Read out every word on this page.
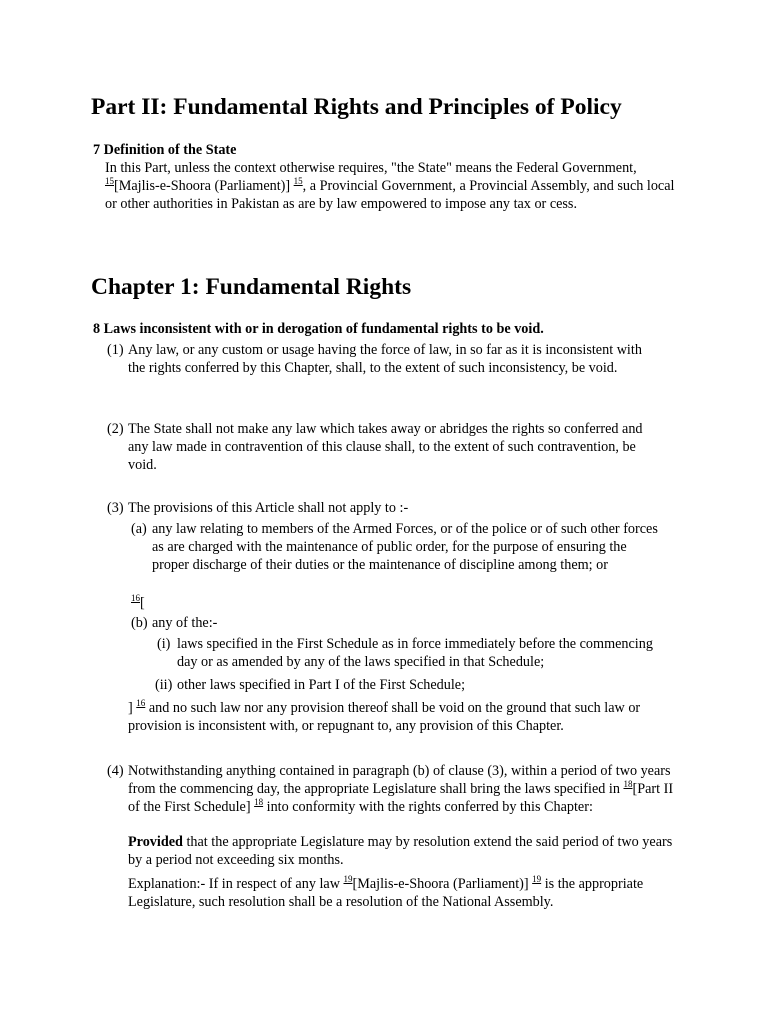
Part II: Fundamental Rights and Principles of Policy
7 Definition of the State

In this Part, unless the context otherwise requires, "the State" means the Federal Government, $^{15}$[Majlis-e-Shoora (Parliament)] $^{15}$, a Provincial Government, a Provincial Assembly, and such local or other authorities in Pakistan as are by law empowered to impose any tax or cess.

Chapter 1: Fundamental Rights
8 Laws inconsistent with or in derogation of fundamental rights to be void.
(1) Any law, or any custom or usage having the force of law, in so far as it is inconsistent with the rights conferred by this Chapter, shall, to the extent of such inconsistency, be void.

(2) The State shall not make any law which takes away or abridges the rights so conferred and any law made in contravention of this clause shall, to the extent of such contravention, be void.

(3) The provisions of this Article shall not apply to :-

(a) any law relating to members of the Armed Forces, or of the police or of such other forces as are charged with the maintenance of public order, for the purpose of ensuring the proper discharge of their duties or the maintenance of discipline among them; or

$^{16}$[
(b) any of the:-

(i) laws specified in the First Schedule as in force immediately before the commencing day or as amended by any of the laws specified in that Schedule;

(ii) other laws specified in Part I of the First Schedule;

] $^{16}$ and no such law nor any provision thereof shall be void on the ground that such law or provision is inconsistent with, or repugnant to, any provision of this Chapter.

(4) Notwithstanding anything contained in paragraph (b) of clause (3), within a period of two years from the commencing day, the appropriate Legislature shall bring the laws specified in $^{18}$[Part II of the First Schedule] $^{18}$ into conformity with the rights conferred by this Chapter:

Provided that the appropriate Legislature may by resolution extend the said period of two years by a period not exceeding six months.

Explanation:- If in respect of any law $^{19}$[Majlis-e-Shoora (Parliament)] $^{19}$ is the appropriate Legislature, such resolution shall be a resolution of the National Assembly.
